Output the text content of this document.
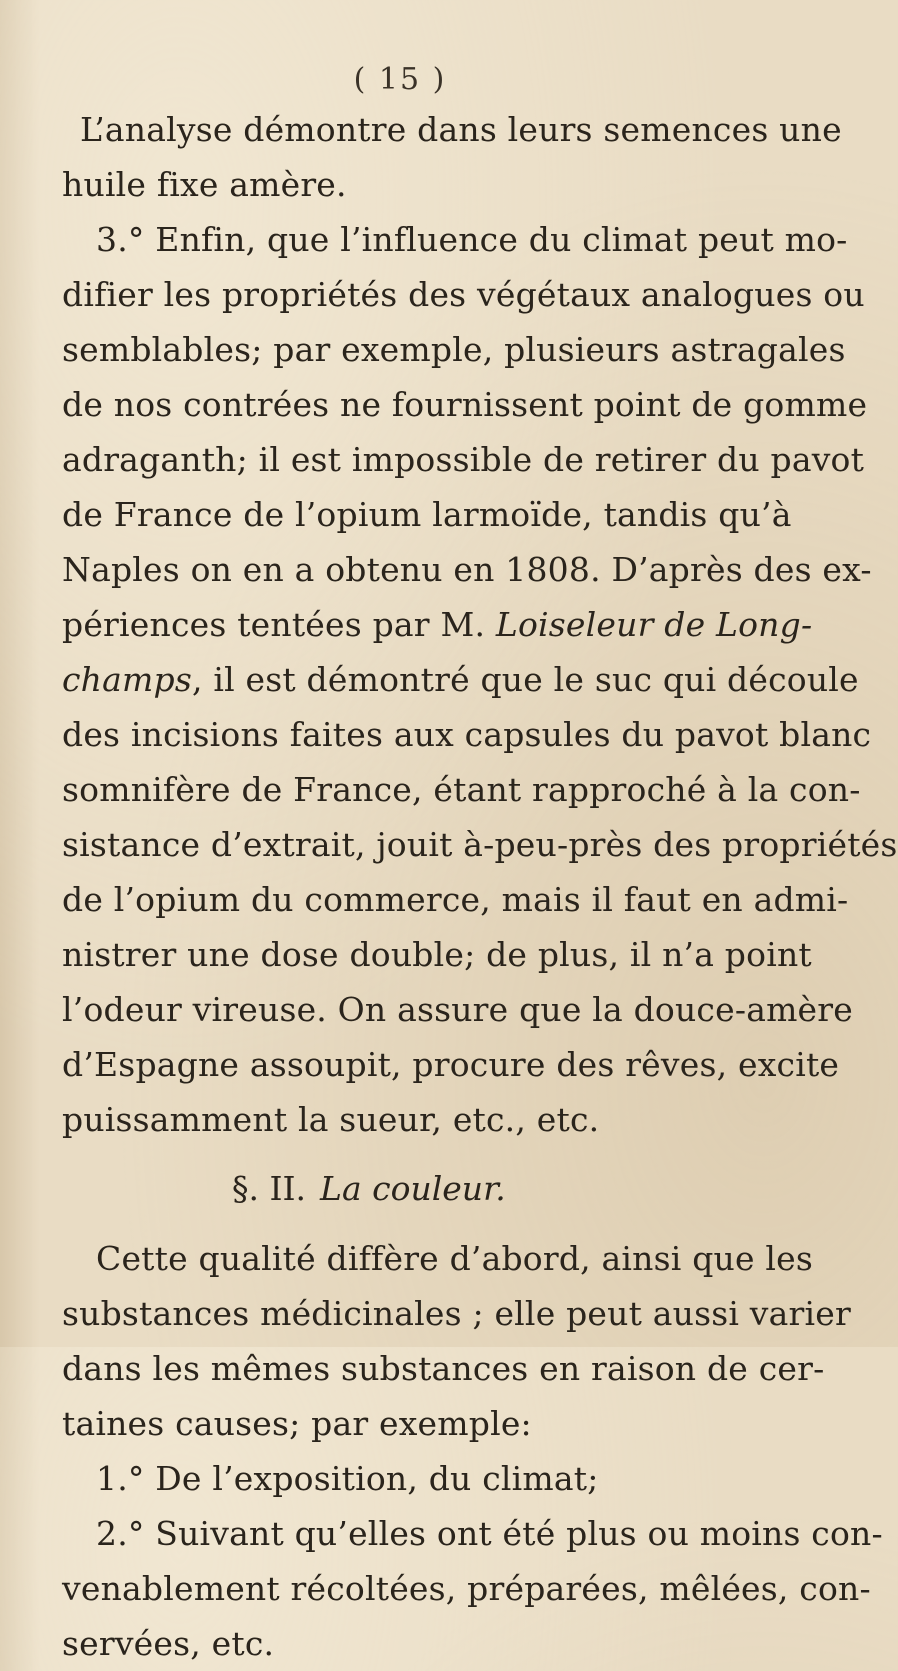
( 15 )
L’analyse démontre dans leurs semences une
huile fixe amère.
3.° Enfin, que l’influence du climat peut mo-
difier les propriétés des végétaux analogues ou
semblables; par exemple, plusieurs astragales
de nos contrées ne fournissent point de gomme
adraganth; il est impossible de retirer du pavot
de France de l’opium larmoïde, tandis qu’à
Naples on en a obtenu en 1808. D’après des ex-
périences tentées par M. Loiseleur de Long-
champs, il est démontré que le suc qui découle
des incisions faites aux capsules du pavot blanc
somnifère de France, étant rapproché à la con-
sistance d’extrait, jouit à-peu-près des propriétés
de l’opium du commerce, mais il faut en admi-
nistrer une dose double; de plus, il n’a point
l’odeur vireuse. On assure que la douce-amère
d’Espagne assoupit, procure des rêves, excite
puissamment la sueur, etc., etc.
§. II. La couleur.
Cette qualité diffère d’abord, ainsi que les
substances médicinales ; elle peut aussi varier
dans les mêmes substances en raison de cer-
taines causes; par exemple:
1.° De l’exposition, du climat;
2.° Suivant qu’elles ont été plus ou moins con-
venablement récoltées, préparées, mêlées, con-
servées, etc.
